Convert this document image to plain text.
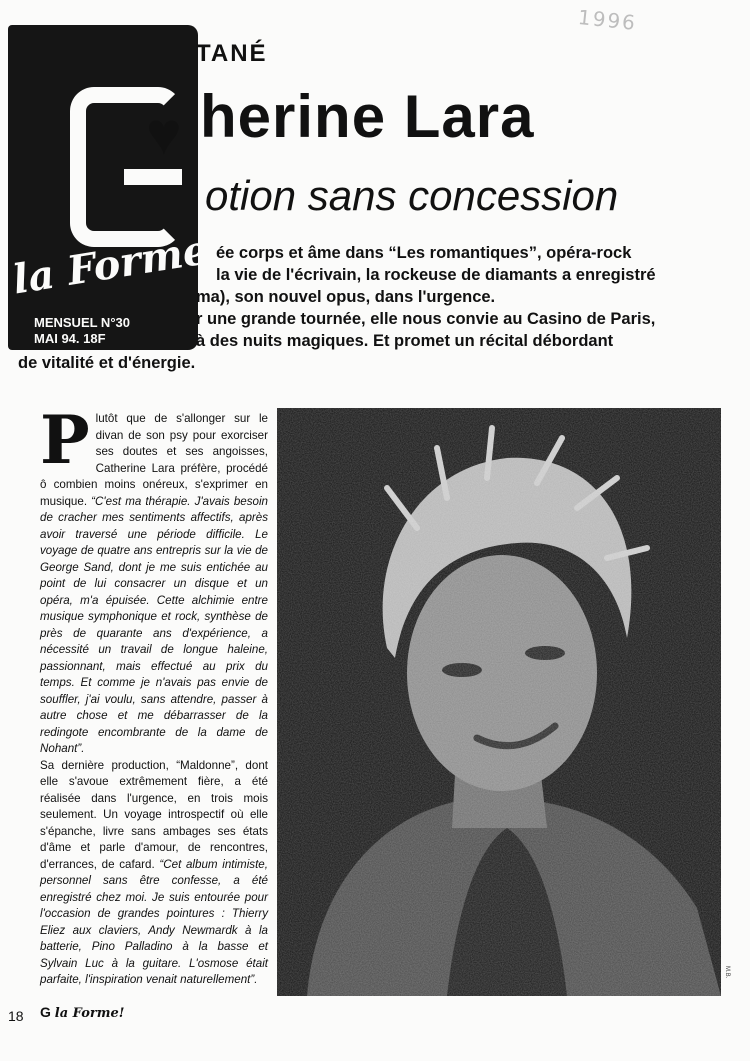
1996
la Forme!
MENSUEL N°30
MAI 94. 18F
TANÉ
♥ herine Lara
otion sans concession
ée corps et âme dans “Les romantiques”, opéra-rock
la vie de l'écrivain, la rockeuse de diamants a enregistré
ma), son nouvel opus, dans l'urgence.
r une grande tournée, elle nous convie au Casino de Paris,
à des nuits magiques. Et promet un récital débordant
de vitalité et d'énergie.
P lutôt que de s'allonger sur le divan de son psy pour exorciser ses doutes et ses angoisses, Catherine Lara préfère, procédé ô combien moins onéreux, s'exprimer en musique. “C'est ma thérapie. J'avais besoin de cracher mes sentiments affectifs, après avoir traversé une période difficile. Le voyage de quatre ans entrepris sur la vie de George Sand, dont je me suis entichée au point de lui consacrer un disque et un opéra, m'a épuisée. Cette alchimie entre musique symphonique et rock, synthèse de près de quarante ans d'expérience, a nécessité un travail de longue haleine, passionnant, mais effectué au prix du temps. Et comme je n'avais pas envie de souffler, j'ai voulu, sans attendre, passer à autre chose et me débarrasser de la redingote encombrante de la dame de Nohant”.
Sa dernière production, “Maldonne”, dont elle s'avoue extrêmement fière, a été réalisée dans l'urgence, en trois mois seulement. Un voyage introspectif où elle s'épanche, livre sans ambages ses états d'âme et parle d'amour, de rencontres, d'errances, de cafard. “Cet album intimiste, personnel sans être confesse, a été enregistré chez moi. Je suis entourée pour l'occasion de grandes pointures : Thierry Eliez aux claviers, Andy Newmardk à la batterie, Pino Palladino à la basse et Sylvain Luc à la guitare. L'osmose était parfaite, l'inspiration venait naturellement”.
M.B.
18 G la Forme!
